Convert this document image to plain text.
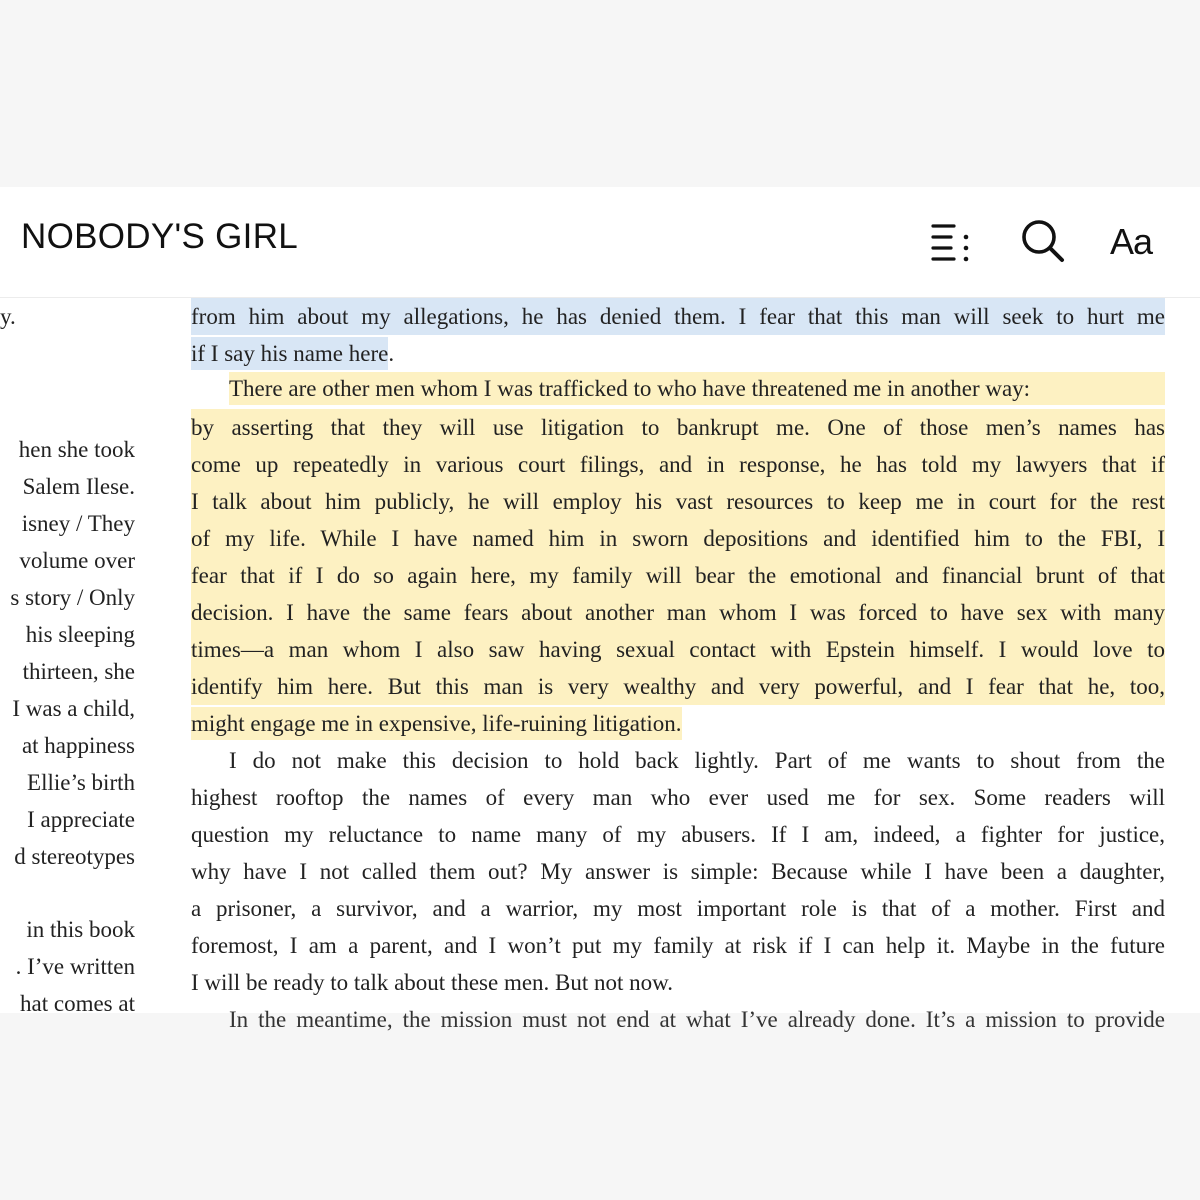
NOBODY'S GIRL	Aa
y.
hen she took
Salem Ilese.
isney / They
volume over
s story / Only
his sleeping
thirteen, she
I was a child,
at happiness
Ellie’s birth
I appreciate
d stereotypes
in this book
. I’ve written
hat comes at
from him about my allegations, he has denied them. I fear that this man will seek to hurt me
if I say his name here.
There are other men whom I was trafficked to who have threatened me in another way:
by asserting that they will use litigation to bankrupt me. One of those men’s names has
come up repeatedly in various court filings, and in response, he has told my lawyers that if
I talk about him publicly, he will employ his vast resources to keep me in court for the rest
of my life. While I have named him in sworn depositions and identified him to the FBI, I
fear that if I do so again here, my family will bear the emotional and financial brunt of that
decision. I have the same fears about another man whom I was forced to have sex with many
times—a man whom I also saw having sexual contact with Epstein himself. I would love to
identify him here. But this man is very wealthy and very powerful, and I fear that he, too,
might engage me in expensive, life-ruining litigation.
I do not make this decision to hold back lightly. Part of me wants to shout from the
highest rooftop the names of every man who ever used me for sex. Some readers will
question my reluctance to name many of my abusers. If I am, indeed, a fighter for justice,
why have I not called them out? My answer is simple: Because while I have been a daughter,
a prisoner, a survivor, and a warrior, my most important role is that of a mother. First and
foremost, I am a parent, and I won’t put my family at risk if I can help it. Maybe in the future
I will be ready to talk about these men. But not now.
In the meantime, the mission must not end at what I’ve already done. It’s a mission to provide
